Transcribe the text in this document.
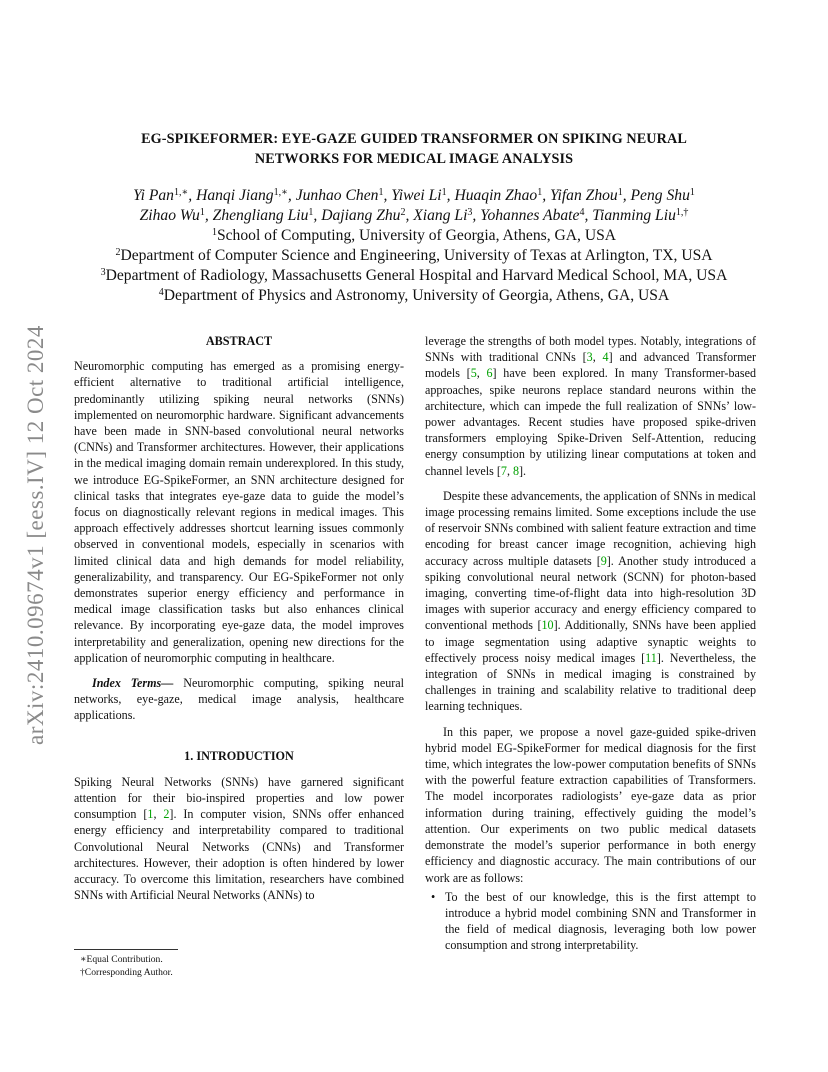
arXiv:2410.09674v1 [eess.IV] 12 Oct 2024
EG-SPIKEFORMER: EYE-GAZE GUIDED TRANSFORMER ON SPIKING NEURAL
NETWORKS FOR MEDICAL IMAGE ANALYSIS
Yi Pan$^{1,∗}$, Hanqi Jiang$^{1,∗}$, Junhao Chen$^1$, Yiwei Li$^1$, Huaqin Zhao$^1$, Yifan Zhou$^1$, Peng Shu$^1$
Zihao Wu$^1$, Zhengliang Liu$^1$, Dajiang Zhu$^2$, Xiang Li$^3$, Yohannes Abate$^4$, Tianming Liu$^{1,\dagger}$
$^1$School of Computing, University of Georgia, Athens, GA, USA
$^2$Department of Computer Science and Engineering, University of Texas at Arlington, TX, USA
$^3$Department of Radiology, Massachusetts General Hospital and Harvard Medical School, MA, USA
$^4$Department of Physics and Astronomy, University of Georgia, Athens, GA, USA
ABSTRACT

Neuromorphic computing has emerged as a promising energy-efficient alternative to traditional artificial intelligence, predominantly utilizing spiking neural networks (SNNs) implemented on neuromorphic hardware. Significant advancements have been made in SNN-based convolutional neural networks (CNNs) and Transformer architectures. However, their applications in the medical imaging domain remain underexplored. In this study, we introduce EG-SpikeFormer, an SNN architecture designed for clinical tasks that integrates eye-gaze data to guide the model’s focus on diagnostically relevant regions in medical images. This approach effectively addresses shortcut learning issues commonly observed in conventional models, especially in scenarios with limited clinical data and high demands for model reliability, generalizability, and transparency. Our EG-SpikeFormer not only demonstrates superior energy efficiency and performance in medical image classification tasks but also enhances clinical relevance. By incorporating eye-gaze data, the model improves interpretability and generalization, opening new directions for the application of neuromorphic computing in healthcare.

Index Terms— Neuromorphic computing, spiking neural networks, eye-gaze, medical image analysis, healthcare applications.

1. INTRODUCTION

Spiking Neural Networks (SNNs) have garnered significant attention for their bio-inspired properties and low power consumption [1, 2]. In computer vision, SNNs offer enhanced energy efficiency and interpretability compared to traditional Convolutional Neural Networks (CNNs) and Transformer architectures. However, their adoption is often hindered by lower accuracy. To overcome this limitation, researchers have combined SNNs with Artificial Neural Networks (ANNs) to

leverage the strengths of both model types. Notably, integrations of SNNs with traditional CNNs [3, 4] and advanced Transformer models [5, 6] have been explored. In many Transformer-based approaches, spike neurons replace standard neurons within the architecture, which can impede the full realization of SNNs’ low-power advantages. Recent studies have proposed spike-driven transformers employing Spike-Driven Self-Attention, reducing energy consumption by utilizing linear computations at token and channel levels [7, 8].

Despite these advancements, the application of SNNs in medical image processing remains limited. Some exceptions include the use of reservoir SNNs combined with salient feature extraction and time encoding for breast cancer image recognition, achieving high accuracy across multiple datasets [9]. Another study introduced a spiking convolutional neural network (SCNN) for photon-based imaging, converting time-of-flight data into high-resolution 3D images with superior accuracy and energy efficiency compared to conventional methods [10]. Additionally, SNNs have been applied to image segmentation using adaptive synaptic weights to effectively process noisy medical images [11]. Nevertheless, the integration of SNNs in medical imaging is constrained by challenges in training and scalability relative to traditional deep learning techniques.

In this paper, we propose a novel gaze-guided spike-driven hybrid model EG-SpikeFormer for medical diagnosis for the first time, which integrates the low-power computation benefits of SNNs with the powerful feature extraction capabilities of Transformers. The model incorporates radiologists’ eye-gaze data as prior information during training, effectively guiding the model’s attention. Our experiments on two public medical datasets demonstrate the model’s superior performance in both energy efficiency and diagnostic accuracy. The main contributions of our work are as follows:

• To the best of our knowledge, this is the first attempt to introduce a hybrid model combining SNN and Transformer in the field of medical diagnosis, leveraging both low power consumption and strong interpretability.
∗Equal Contribution.
†Corresponding Author.
